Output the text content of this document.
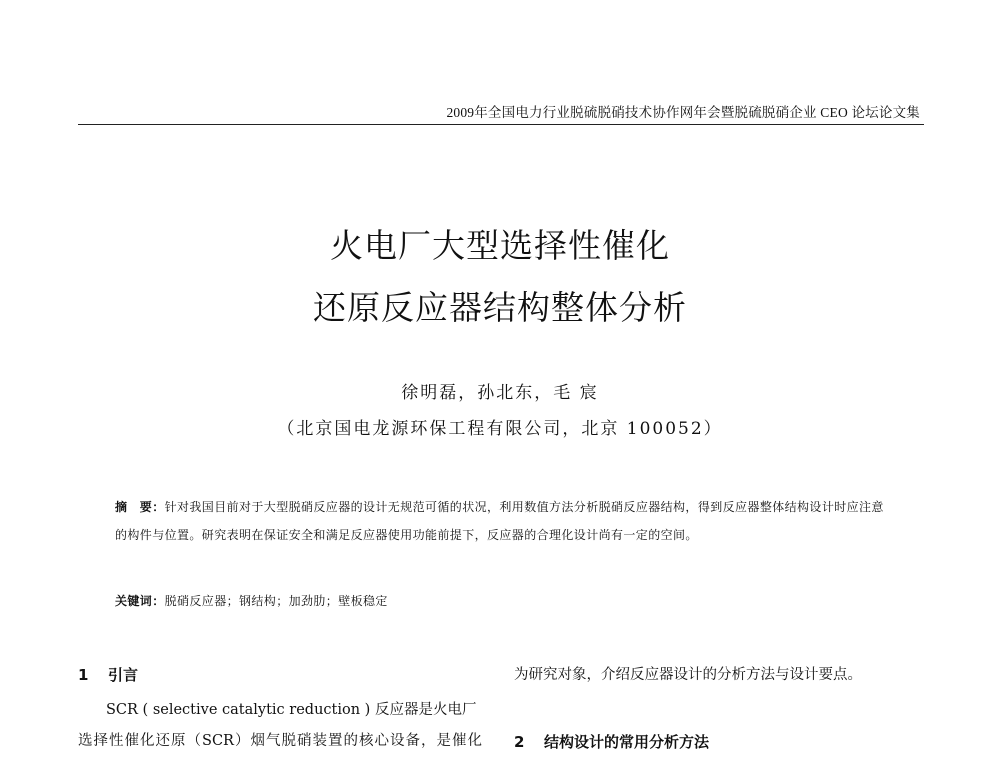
2009年全国电力行业脱硫脱硝技术协作网年会暨脱硫脱硝企业 CEO 论坛论文集
火电厂大型选择性催化
还原反应器结构整体分析
徐明磊，孙北东，毛 宸
（北京国电龙源环保工程有限公司，北京 100052）
摘　要：针对我国目前对于大型脱硝反应器的设计无规范可循的状况，利用数值方法分析脱硝反应器结构，得到反应器整体结构设计时应注意的构件与位置。研究表明在保证安全和满足反应器使用功能前提下，反应器的合理化设计尚有一定的空间。
关键词：脱硝反应器；钢结构；加劲肋；壁板稳定
1 引言

SCR ( selective catalytic reduction ) 反应器是火电厂

选择性催化还原（SCR）烟气脱硝装置的核心设备，是催化

为研究对象，介绍反应器设计的分析方法与设计要点。

2 结构设计的常用分析方法
